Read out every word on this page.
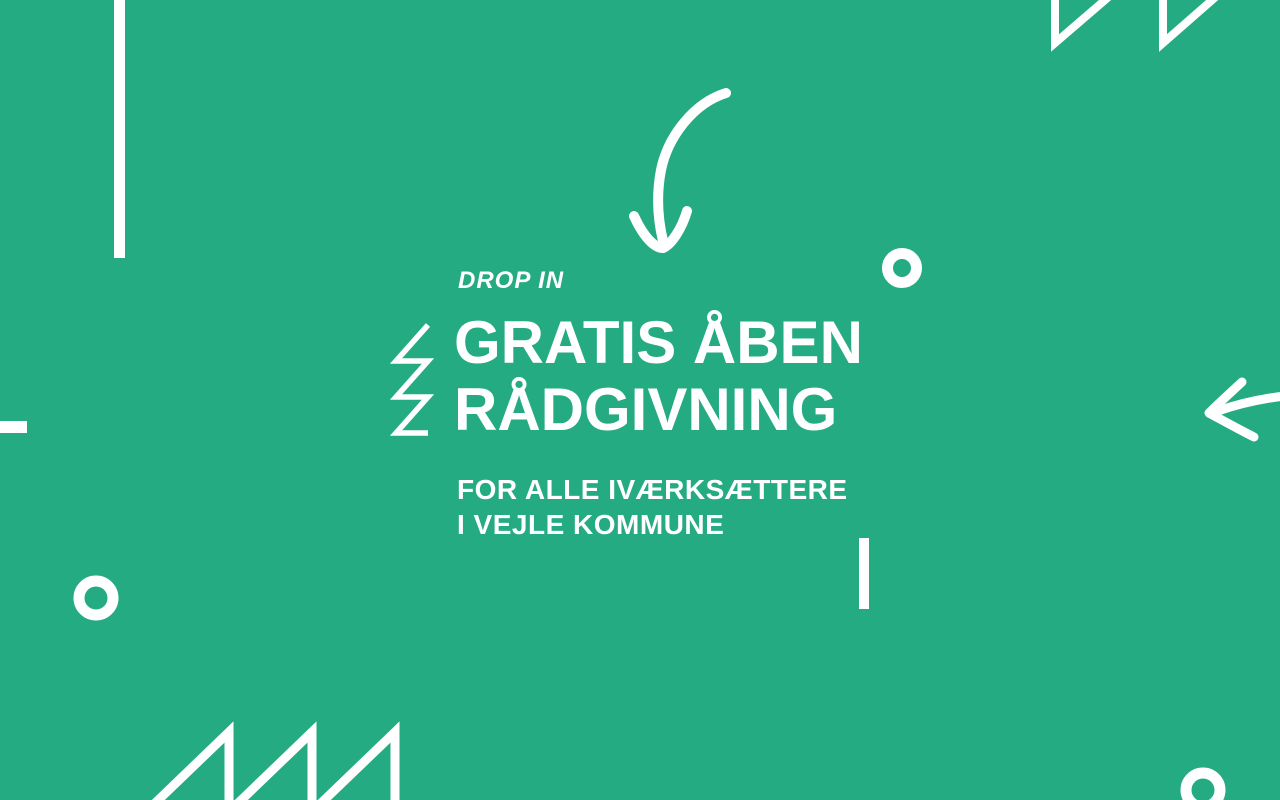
DROP IN
GRATIS ÅBEN
RÅDGIVNING
FOR ALLE IVÆRKSÆTTERE
I VEJLE KOMMUNE
